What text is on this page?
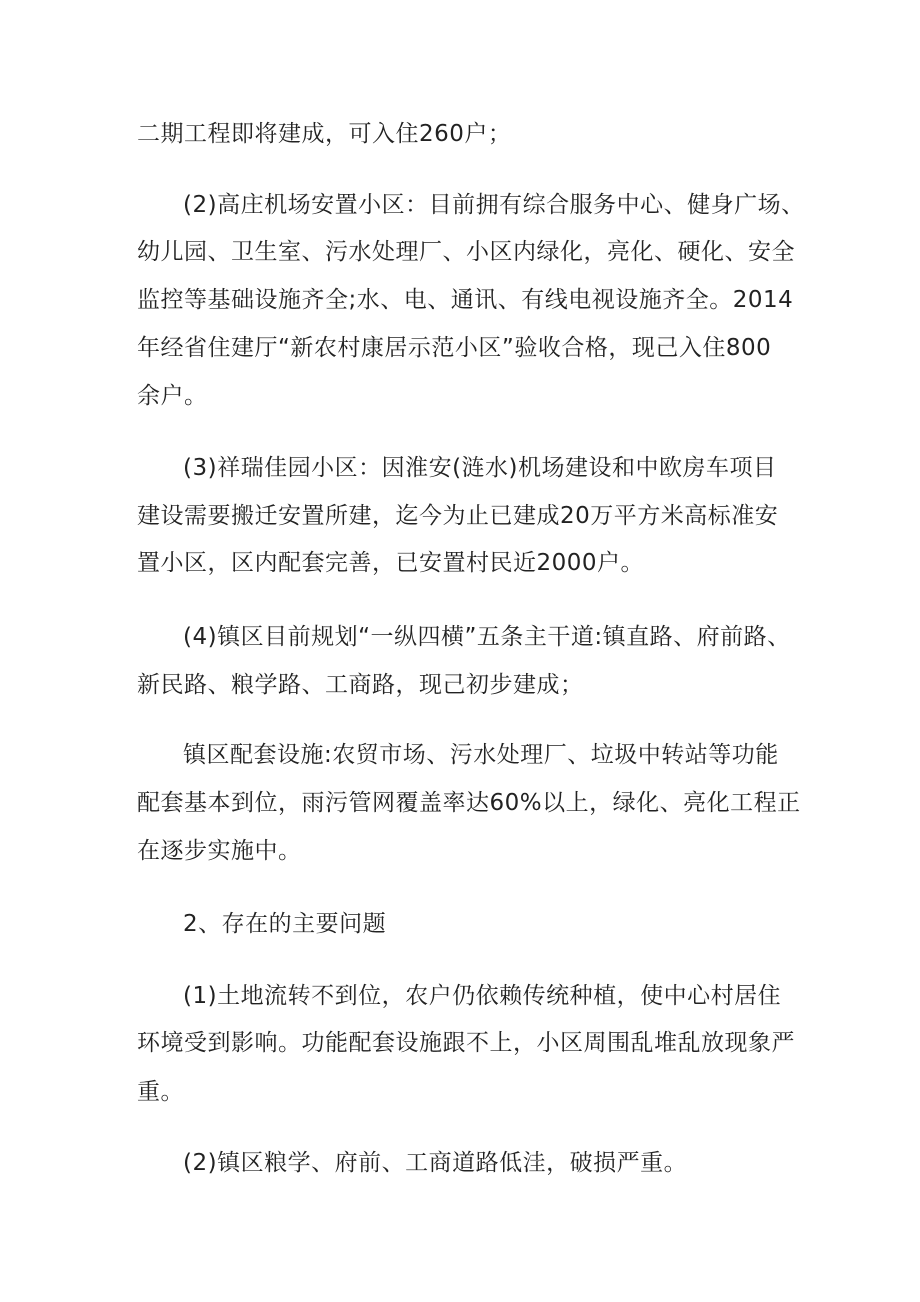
二期工程即将建成，可入住260户；
(2)高庄机场安置小区：目前拥有综合服务中心、健身广场、
幼儿园、卫生室、污水处理厂、小区内绿化，亮化、硬化、安全
监控等基础设施齐全;水、电、通讯、有线电视设施齐全。2014
年经省住建厅“新农村康居示范小区”验收合格，现己入住800
余户。
(3)祥瑞佳园小区：因淮安(涟水)机场建设和中欧房车项目
建设需要搬迁安置所建，迄今为止已建成20万平方米高标准安
置小区，区内配套完善，已安置村民近2000户。
(4)镇区目前规划“一纵四横”五条主干道:镇直路、府前路、
新民路、粮学路、工商路，现己初步建成；
镇区配套设施:农贸市场、污水处理厂、垃圾中转站等功能
配套基本到位，雨污管网覆盖率达60%以上，绿化、亮化工程正
在逐步实施中。
2、存在的主要问题
(1)土地流转不到位，农户仍依赖传统种植，使中心村居住
环境受到影响。功能配套设施跟不上，小区周围乱堆乱放现象严
重。
(2)镇区粮学、府前、工商道路低洼，破损严重。
